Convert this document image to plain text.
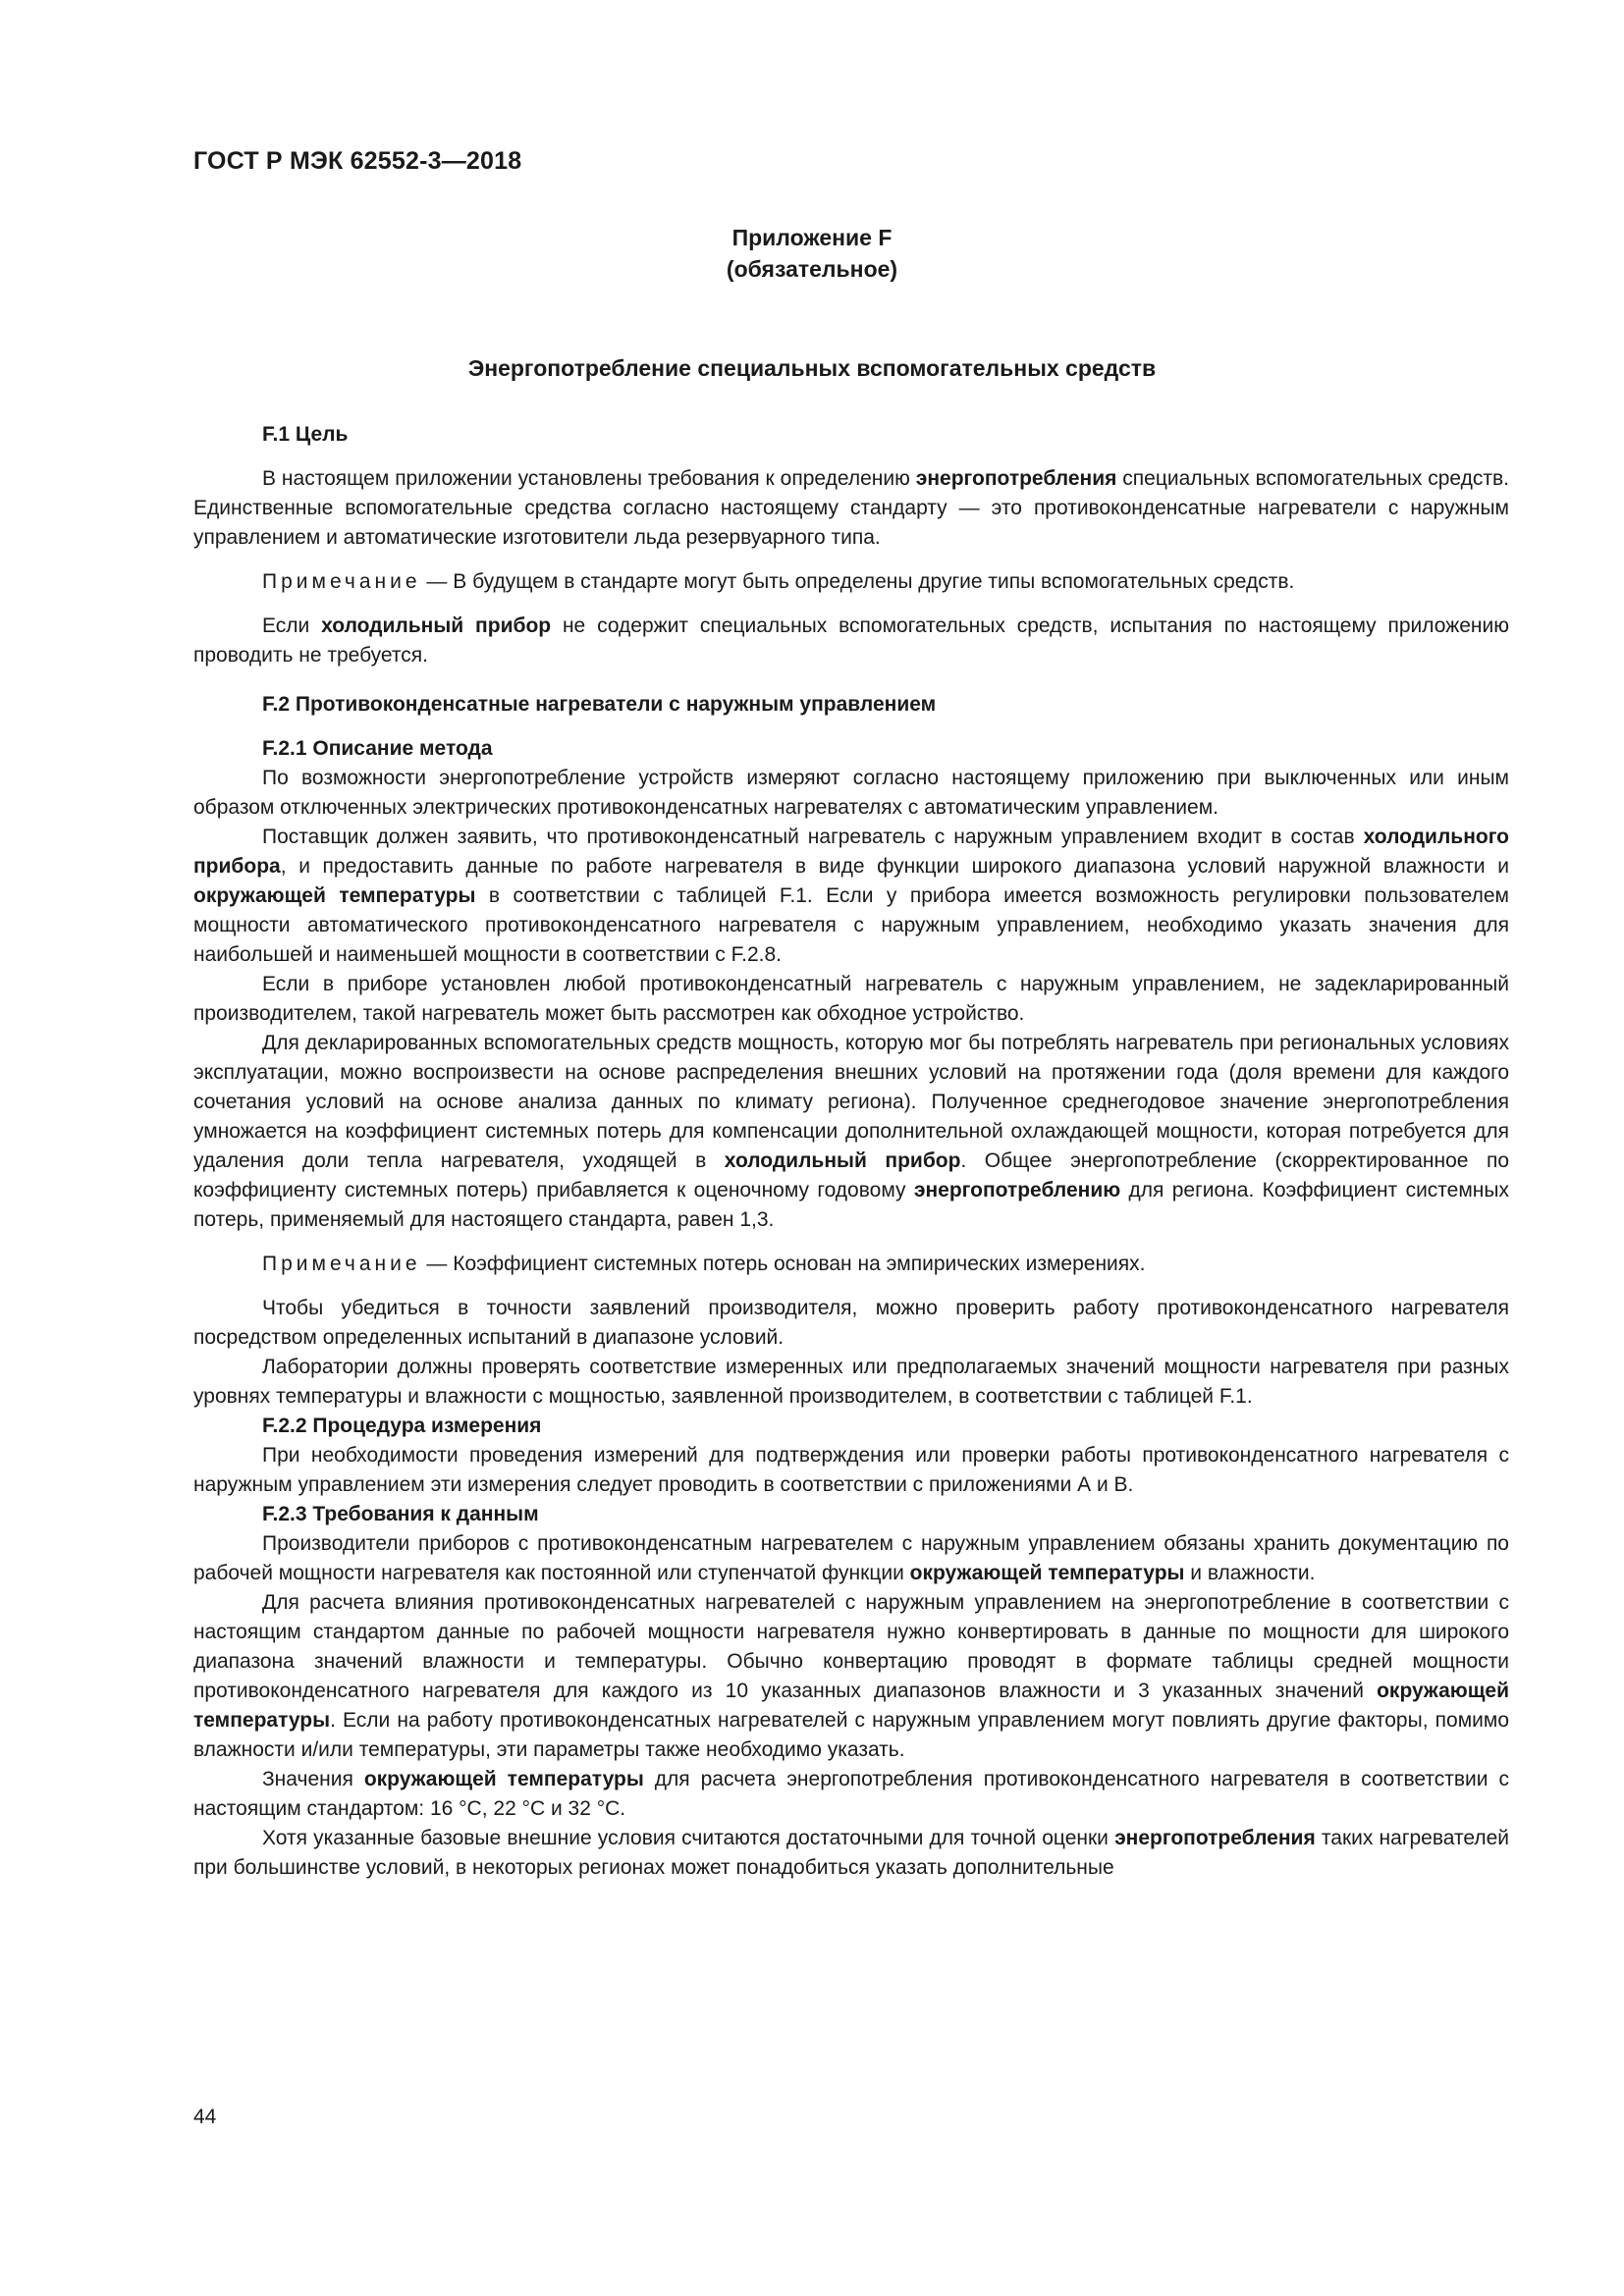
ГОСТ Р МЭК 62552-3—2018
Приложение F
(обязательное)
Энергопотребление специальных вспомогательных средств
F.1 Цель

В настоящем приложении установлены требования к определению энергопотребления специальных вспомогательных средств. Единственные вспомогательные средства согласно настоящему стандарту — это противоконденсатные нагреватели с наружным управлением и автоматические изготовители льда резервуарного типа.

Примечание — В будущем в стандарте могут быть определены другие типы вспомогательных средств.

Если холодильный прибор не содержит специальных вспомогательных средств, испытания по настоящему приложению проводить не требуется.

F.2 Противоконденсатные нагреватели с наружным управлением
F.2.1 Описание метода

По возможности энергопотребление устройств измеряют согласно настоящему приложению при выключенных или иным образом отключенных электрических противоконденсатных нагревателях с автоматическим управлением.

Поставщик должен заявить, что противоконденсатный нагреватель с наружным управлением входит в состав холодильного прибора, и предоставить данные по работе нагревателя в виде функции широкого диапазона условий наружной влажности и окружающей температуры в соответствии с таблицей F.1. Если у прибора имеется возможность регулировки пользователем мощности автоматического противоконденсатного нагревателя с наружным управлением, необходимо указать значения для наибольшей и наименьшей мощности в соответствии с F.2.8.

Если в приборе установлен любой противоконденсатный нагреватель с наружным управлением, не задекларированный производителем, такой нагреватель может быть рассмотрен как обходное устройство.

Для декларированных вспомогательных средств мощность, которую мог бы потреблять нагреватель при региональных условиях эксплуатации, можно воспроизвести на основе распределения внешних условий на протяжении года (доля времени для каждого сочетания условий на основе анализа данных по климату региона). Полученное среднегодовое значение энергопотребления умножается на коэффициент системных потерь для компенсации дополнительной охлаждающей мощности, которая потребуется для удаления доли тепла нагревателя, уходящей в холодильный прибор. Общее энергопотребление (скорректированное по коэффициенту системных потерь) прибавляется к оценочному годовому энергопотреблению для региона. Коэффициент системных потерь, применяемый для настоящего стандарта, равен 1,3.

Примечание — Коэффициент системных потерь основан на эмпирических измерениях.

Чтобы убедиться в точности заявлений производителя, можно проверить работу противоконденсатного нагревателя посредством определенных испытаний в диапазоне условий.

Лаборатории должны проверять соответствие измеренных или предполагаемых значений мощности нагревателя при разных уровнях температуры и влажности с мощностью, заявленной производителем, в соответствии с таблицей F.1.

F.2.2 Процедура измерения

При необходимости проведения измерений для подтверждения или проверки работы противоконденсатного нагревателя с наружным управлением эти измерения следует проводить в соответствии с приложениями А и В.

F.2.3 Требования к данным

Производители приборов с противоконденсатным нагревателем с наружным управлением обязаны хранить документацию по рабочей мощности нагревателя как постоянной или ступенчатой функции окружающей температуры и влажности.

Для расчета влияния противоконденсатных нагревателей с наружным управлением на энергопотребление в соответствии с настоящим стандартом данные по рабочей мощности нагревателя нужно конвертировать в данные по мощности для широкого диапазона значений влажности и температуры. Обычно конвертацию проводят в формате таблицы средней мощности противоконденсатного нагревателя для каждого из 10 указанных диапазонов влажности и 3 указанных значений окружающей температуры. Если на работу противоконденсатных нагревателей с наружным управлением могут повлиять другие факторы, помимо влажности и/или температуры, эти параметры также необходимо указать.

Значения окружающей температуры для расчета энергопотребления противоконденсатного нагревателя в соответствии с настоящим стандартом: 16 °С, 22 °С и 32 °С.

Хотя указанные базовые внешние условия считаются достаточными для точной оценки энергопотребления таких нагревателей при большинстве условий, в некоторых регионах может понадобиться указать дополнительные

44
